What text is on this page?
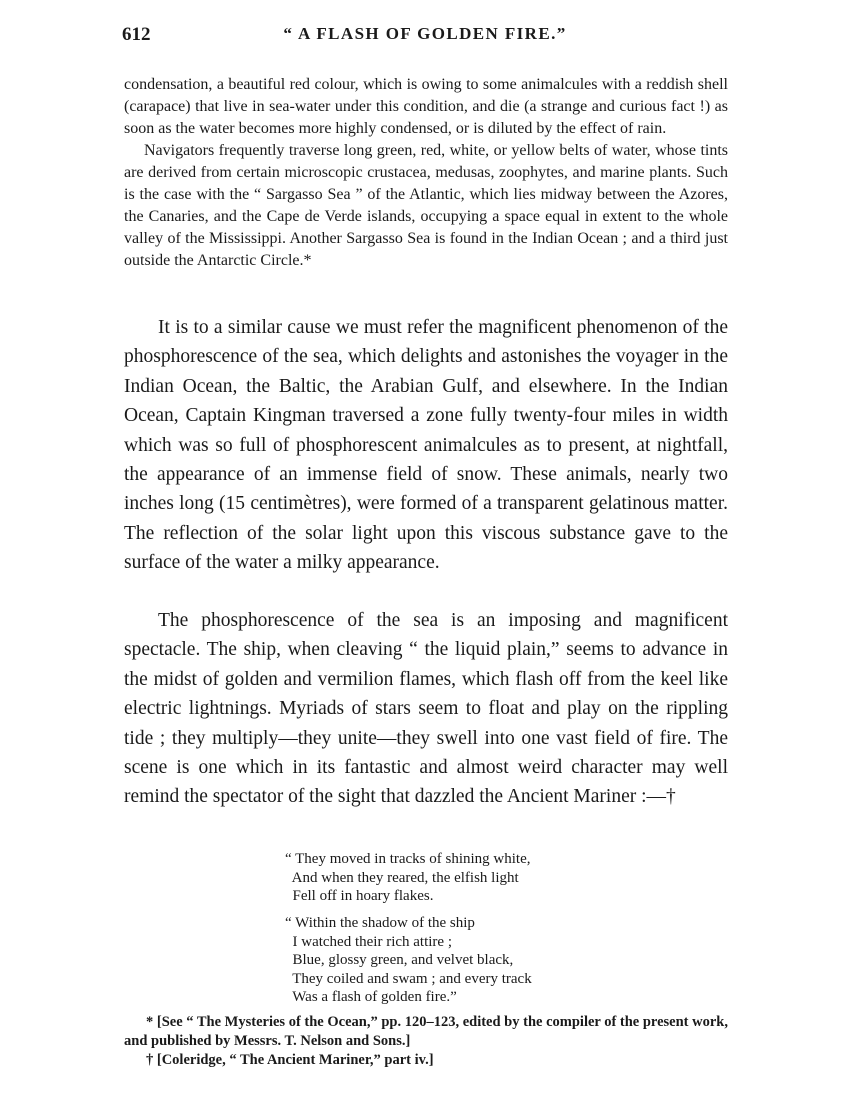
612	“ A FLASH OF GOLDEN FIRE.”

condensation, a beautiful red colour, which is owing to some animalcules with a reddish shell (carapace) that live in sea-water under this condition, and die (a strange and curious fact !) as soon as the water becomes more highly condensed, or is diluted by the effect of rain.

Navigators frequently traverse long green, red, white, or yellow belts of water, whose tints are derived from certain microscopic crustacea, medusas, zoophytes, and marine plants. Such is the case with the “ Sargasso Sea ” of the Atlantic, which lies midway between the Azores, the Canaries, and the Cape de Verde islands, occupying a space equal in extent to the whole valley of the Mississippi. Another Sargasso Sea is found in the Indian Ocean ; and a third just outside the Antarctic Circle.*

It is to a similar cause we must refer the magnificent phenomenon of the phosphorescence of the sea, which delights and astonishes the voyager in the Indian Ocean, the Baltic, the Arabian Gulf, and elsewhere. In the Indian Ocean, Captain Kingman traversed a zone fully twenty-four miles in width which was so full of phosphorescent animalcules as to present, at nightfall, the appearance of an immense field of snow. These animals, nearly two inches long (15 centimètres), were formed of a transparent gelatinous matter. The reflection of the solar light upon this viscous substance gave to the surface of the water a milky appearance.

The phosphorescence of the sea is an imposing and magnificent spectacle. The ship, when cleaving “ the liquid plain,” seems to advance in the midst of golden and vermilion flames, which flash off from the keel like electric lightnings. Myriads of stars seem to float and play on the rippling tide ; they multiply—they unite—they swell into one vast field of fire. The scene is one which in its fantastic and almost weird character may well remind the spectator of the sight that dazzled the Ancient Mariner :—†

“ They moved in tracks of shining white,
And when they reared, the elfish light
Fell off in hoary flakes.

“ Within the shadow of the ship
I watched their rich attire ;
Blue, glossy green, and velvet black,
They coiled and swam ; and every track
Was a flash of golden fire.”

* [See “ The Mysteries of the Ocean,” pp. 120–123, edited by the compiler of the present work, and published by Messrs. T. Nelson and Sons.]

† [Coleridge, “ The Ancient Mariner,” part iv.]
